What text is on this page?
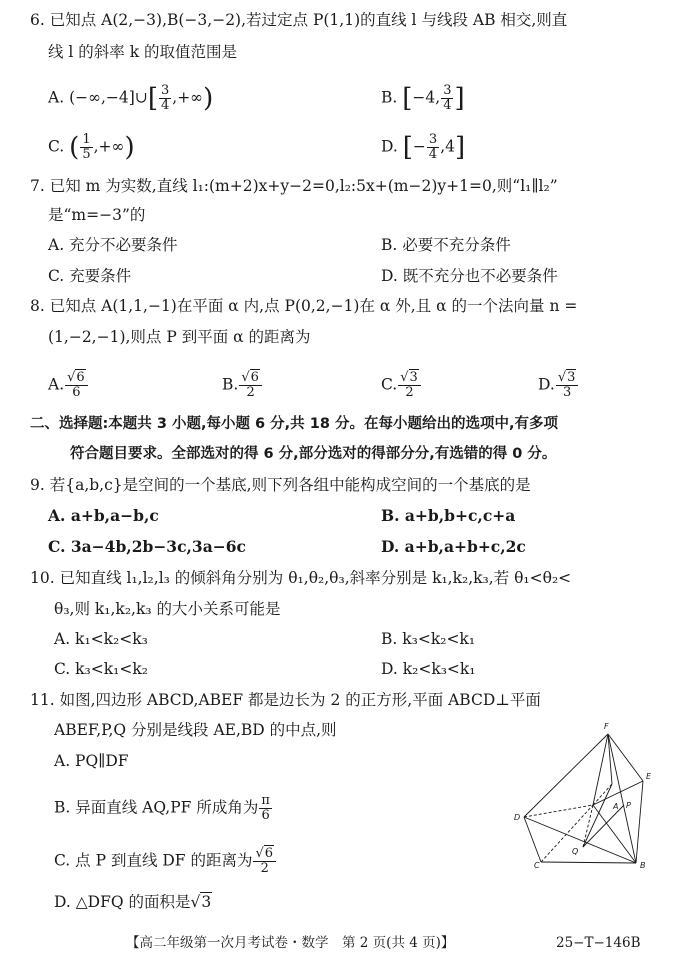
6. 已知点 A(2,−3),B(−3,−2),若过定点 P(1,1)的直线 l 与线段 AB 相交,则直
线 l 的斜率 k 的取值范围是
A. (−∞,−4]∪[ $\frac{3}{4}$ ,+∞)	B. [−4, $\frac{3}{4}$ ]
C. ( $\frac{1}{5}$ ,+∞)	D. [− $\frac{3}{4} ,4$]
7. 已知 m 为实数,直线 l₁:(m+2)x+y−2=0,l₂:5x+(m−2)y+1=0,则“l₁∥l₂”
是“m=−3”的
A. 充分不必要条件	B. 必要不充分条件
C. 充要条件	D. 既不充分也不必要条件
8. 已知点 A(1,1,−1)在平面 α 内,点 P(0,2,−1)在 α 外,且 α 的一个法向量 n =
(1,−2,−1),则点 P 到平面 α 的距离为
A. $\frac{√6}{6}$	B. $\frac{√6}{2}$	C. $\frac{√3}{2}$	D. $\frac{√3}{3}$
二、选择题:本题共 3 小题,每小题 6 分,共 18 分。在每小题给出的选项中,有多项
符合题目要求。全部选对的得 6 分,部分选对的得部分分,有选错的得 0 分。
9. 若{a,b,c}是空间的一个基底,则下列各组中能构成空间的一个基底的是
A. a+b,a−b,c	B. a+b,b+c,c+a
C. 3a−4b,2b−3c,3a−6c	D. a+b,a+b+c,2c
10. 已知直线 l₁,l₂,l₃ 的倾斜角分别为 θ₁,θ₂,θ₃,斜率分别是 k₁,k₂,k₃,若 θ₁<θ₂<
θ₃,则 k₁,k₂,k₃ 的大小关系可能是
A. k₁<k₂<k₃	B. k₃<k₂<k₁
C. k₃<k₁<k₂	D. k₂<k₃<k₁
11. 如图,四边形 ABCD,ABEF 都是边长为 2 的正方形,平面 ABCD⊥平面
ABEF,P,Q 分别是线段 AE,BD 的中点,则
A. PQ∥DF
B. 异面直线 AQ,PF 所成角为 $\frac{\pi}{6}$
C. 点 P 到直线 DF 的距离为 $\frac{√6}{2}$
D. △DFQ 的面积是√3
F
E
P
A
D
Q
C	B
【高二年级第一次月考试卷・数学　第 2 页(共 4 页)】	25−T−146B
